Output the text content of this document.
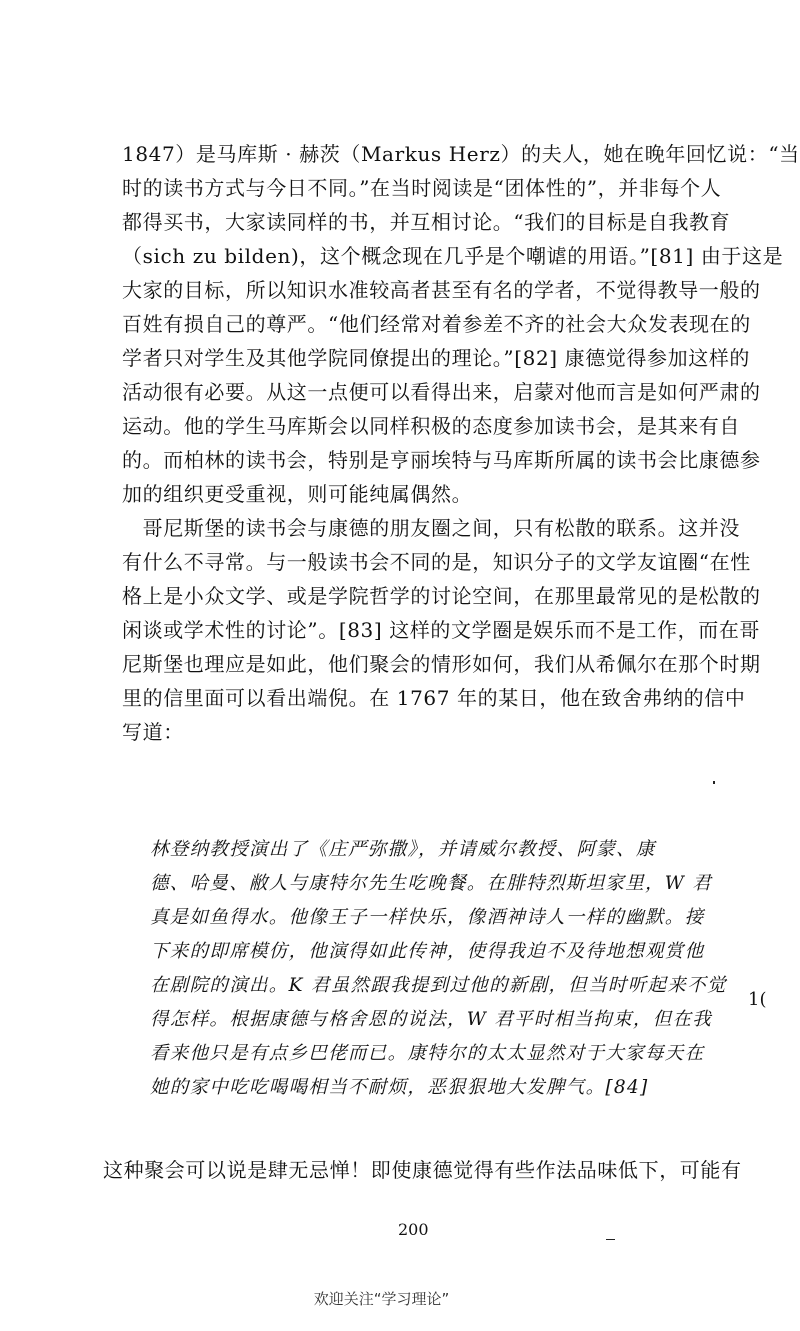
1847）是马库斯 · 赫茨（Markus Herz）的夫人，她在晚年回忆说：“当
时的读书方式与今日不同。”在当时阅读是“团体性的”，并非每个人
都得买书，大家读同样的书，并互相讨论。“我们的目标是自我教育
（sich zu bilden)，这个概念现在几乎是个嘲谑的用语。”[81] 由于这是
大家的目标，所以知识水准较高者甚至有名的学者，不觉得教导一般的
百姓有损自己的尊严。“他们经常对着参差不齐的社会大众发表现在的
学者只对学生及其他学院同僚提出的理论。”[82] 康德觉得参加这样的
活动很有必要。从这一点便可以看得出来，启蒙对他而言是如何严肃的
运动。他的学生马库斯会以同样积极的态度参加读书会，是其来有自
的。而柏林的读书会，特别是亨丽埃特与马库斯所属的读书会比康德参
加的组织更受重视，则可能纯属偶然。
　哥尼斯堡的读书会与康德的朋友圈之间，只有松散的联系。这并没
有什么不寻常。与一般读书会不同的是，知识分子的文学友谊圈“在性
格上是小众文学、或是学院哲学的讨论空间，在那里最常见的是松散的
闲谈或学术性的讨论”。[83] 这样的文学圈是娱乐而不是工作，而在哥
尼斯堡也理应是如此，他们聚会的情形如何，我们从希佩尔在那个时期
里的信里面可以看出端倪。在 1767 年的某日，他在致舍弗纳的信中
写道：
林登纳教授演出了《庄严弥撒》，并请威尔教授、阿蒙、康
德、哈曼、敝人与康特尔先生吃晚餐。在腓特烈斯坦家里，W 君
真是如鱼得水。他像王子一样快乐，像酒神诗人一样的幽默。接
下来的即席模仿，他演得如此传神，使得我迫不及待地想观赏他
在剧院的演出。K 君虽然跟我提到过他的新剧，但当时听起来不觉
得怎样。根据康德与格舍恩的说法，W 君平时相当拘束，但在我
看来他只是有点乡巴佬而已。康特尔的太太显然对于大家每天在
她的家中吃吃喝喝相当不耐烦，恶狠狠地大发脾气。[84]
这种聚会可以说是肆无忌惮！即使康德觉得有些作法品味低下，可能有
1(
200
欢迎关注“学习理论”
